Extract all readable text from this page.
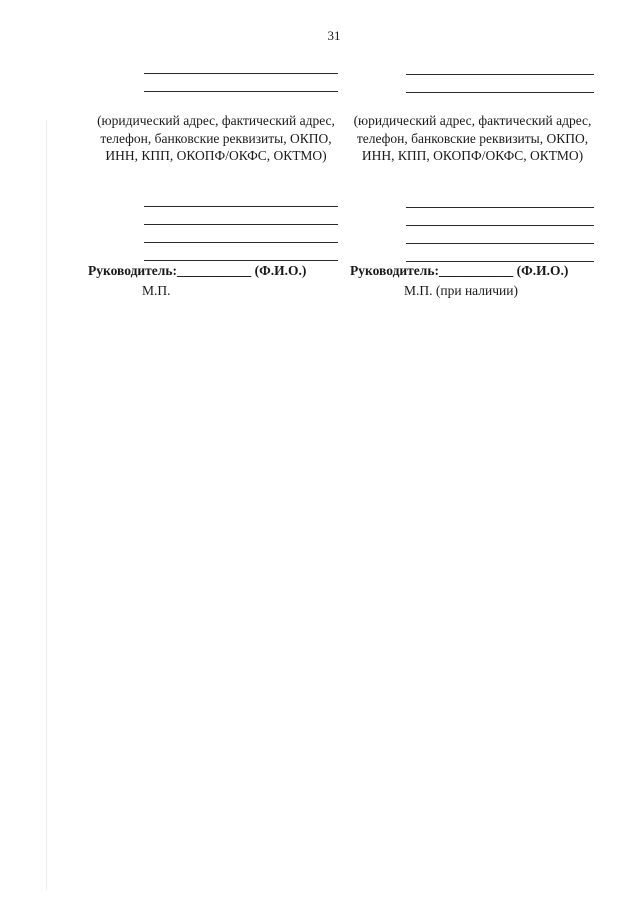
31
(юридический адрес, фактический адрес, телефон, банковские реквизиты, ОКПО, ИНН, КПП, ОКОПФ/ОКФС, ОКТМО)
Руководитель:___________ (Ф.И.О.)
М.П.
(юридический адрес, фактический адрес, телефон, банковские реквизиты, ОКПО, ИНН, КПП, ОКОПФ/ОКФС, ОКТМО)
Руководитель:___________ (Ф.И.О.)
М.П. (при наличии)
